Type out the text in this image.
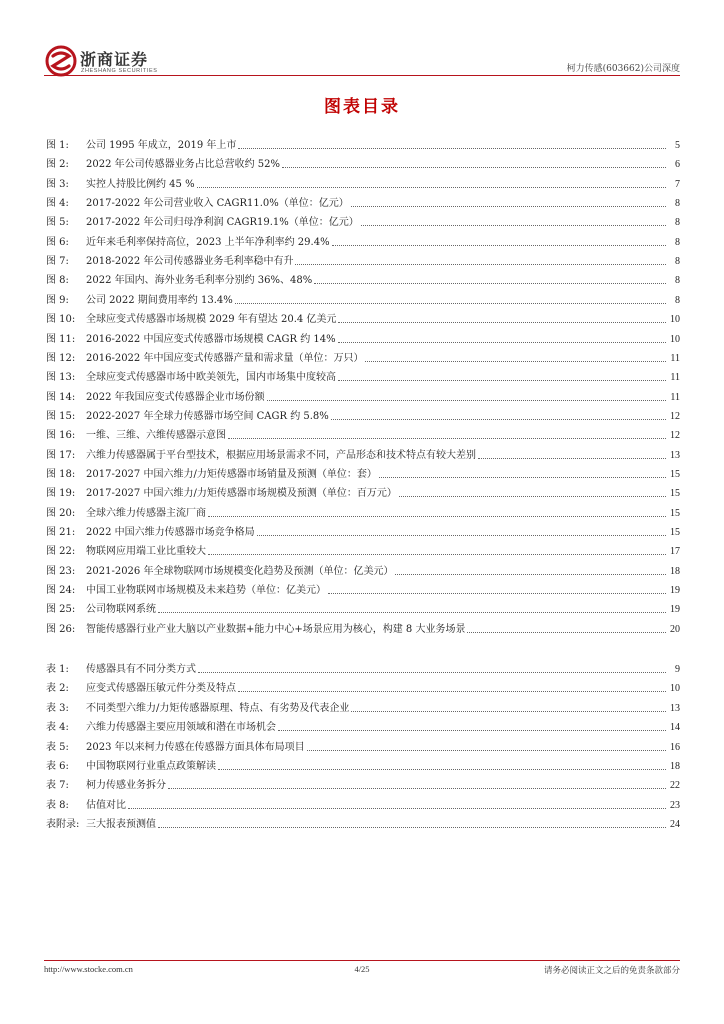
浙商证券
ZHESHANG SECURITIES	柯力传感(603662)公司深度
图表目录
图 1:	公司 1995 年成立，2019 年上市	5
图 2:	2022 年公司传感器业务占比总营收约 52%	6
图 3:	实控人持股比例约 45 %	7
图 4:	2017-2022 年公司营业收入 CAGR11.0%（单位：亿元）	8
图 5:	2017-2022 年公司归母净利润 CAGR19.1%（单位：亿元）	8
图 6:	近年来毛利率保持高位，2023 上半年净利率约 29.4%	8
图 7:	2018-2022 年公司传感器业务毛利率稳中有升	8
图 8:	2022 年国内、海外业务毛利率分别约 36%、48%	8
图 9:	公司 2022 期间费用率约 13.4%	8
图 10:	全球应变式传感器市场规模 2029 年有望达 20.4 亿美元	10
图 11:	2016-2022 中国应变式传感器市场规模 CAGR 约 14%	10
图 12:	2016-2022 年中国应变式传感器产量和需求量（单位：万只）	11
图 13:	全球应变式传感器市场中欧美领先，国内市场集中度较高	11
图 14:	2022 年我国应变式传感器企业市场份额	11
图 15:	2022-2027 年全球力传感器市场空间 CAGR 约 5.8%	12
图 16:	一维、三维、六维传感器示意图	12
图 17:	六维力传感器属于平台型技术，根据应用场景需求不同，产品形态和技术特点有较大差别	13
图 18:	2017-2027 中国六维力/力矩传感器市场销量及预测（单位：套）	15
图 19:	2017-2027 中国六维力/力矩传感器市场规模及预测（单位：百万元）	15
图 20:	全球六维力传感器主流厂商	15
图 21:	2022 中国六维力传感器市场竞争格局	15
图 22:	物联网应用端工业比重较大	17
图 23:	2021-2026 年全球物联网市场规模变化趋势及预测（单位：亿美元）	18
图 24:	中国工业物联网市场规模及未来趋势（单位：亿美元）	19
图 25:	公司物联网系统	19
图 26:	智能传感器行业产业大脑以产业数据+能力中心+场景应用为核心，构建 8 大业务场景	20
表 1:	传感器具有不同分类方式	9
表 2:	应变式传感器压敏元件分类及特点	10
表 3:	不同类型六维力/力矩传感器原理、特点、有劣势及代表企业	13
表 4:	六维力传感器主要应用领域和潜在市场机会	14
表 5:	2023 年以来柯力传感在传感器方面具体布局项目	16
表 6:	中国物联网行业重点政策解读	18
表 7:	柯力传感业务拆分	22
表 8:	估值对比	23
表附录: 三大报表预测值	24
http://www.stocke.com.cn	4/25	请务必阅读正文之后的免责条款部分
